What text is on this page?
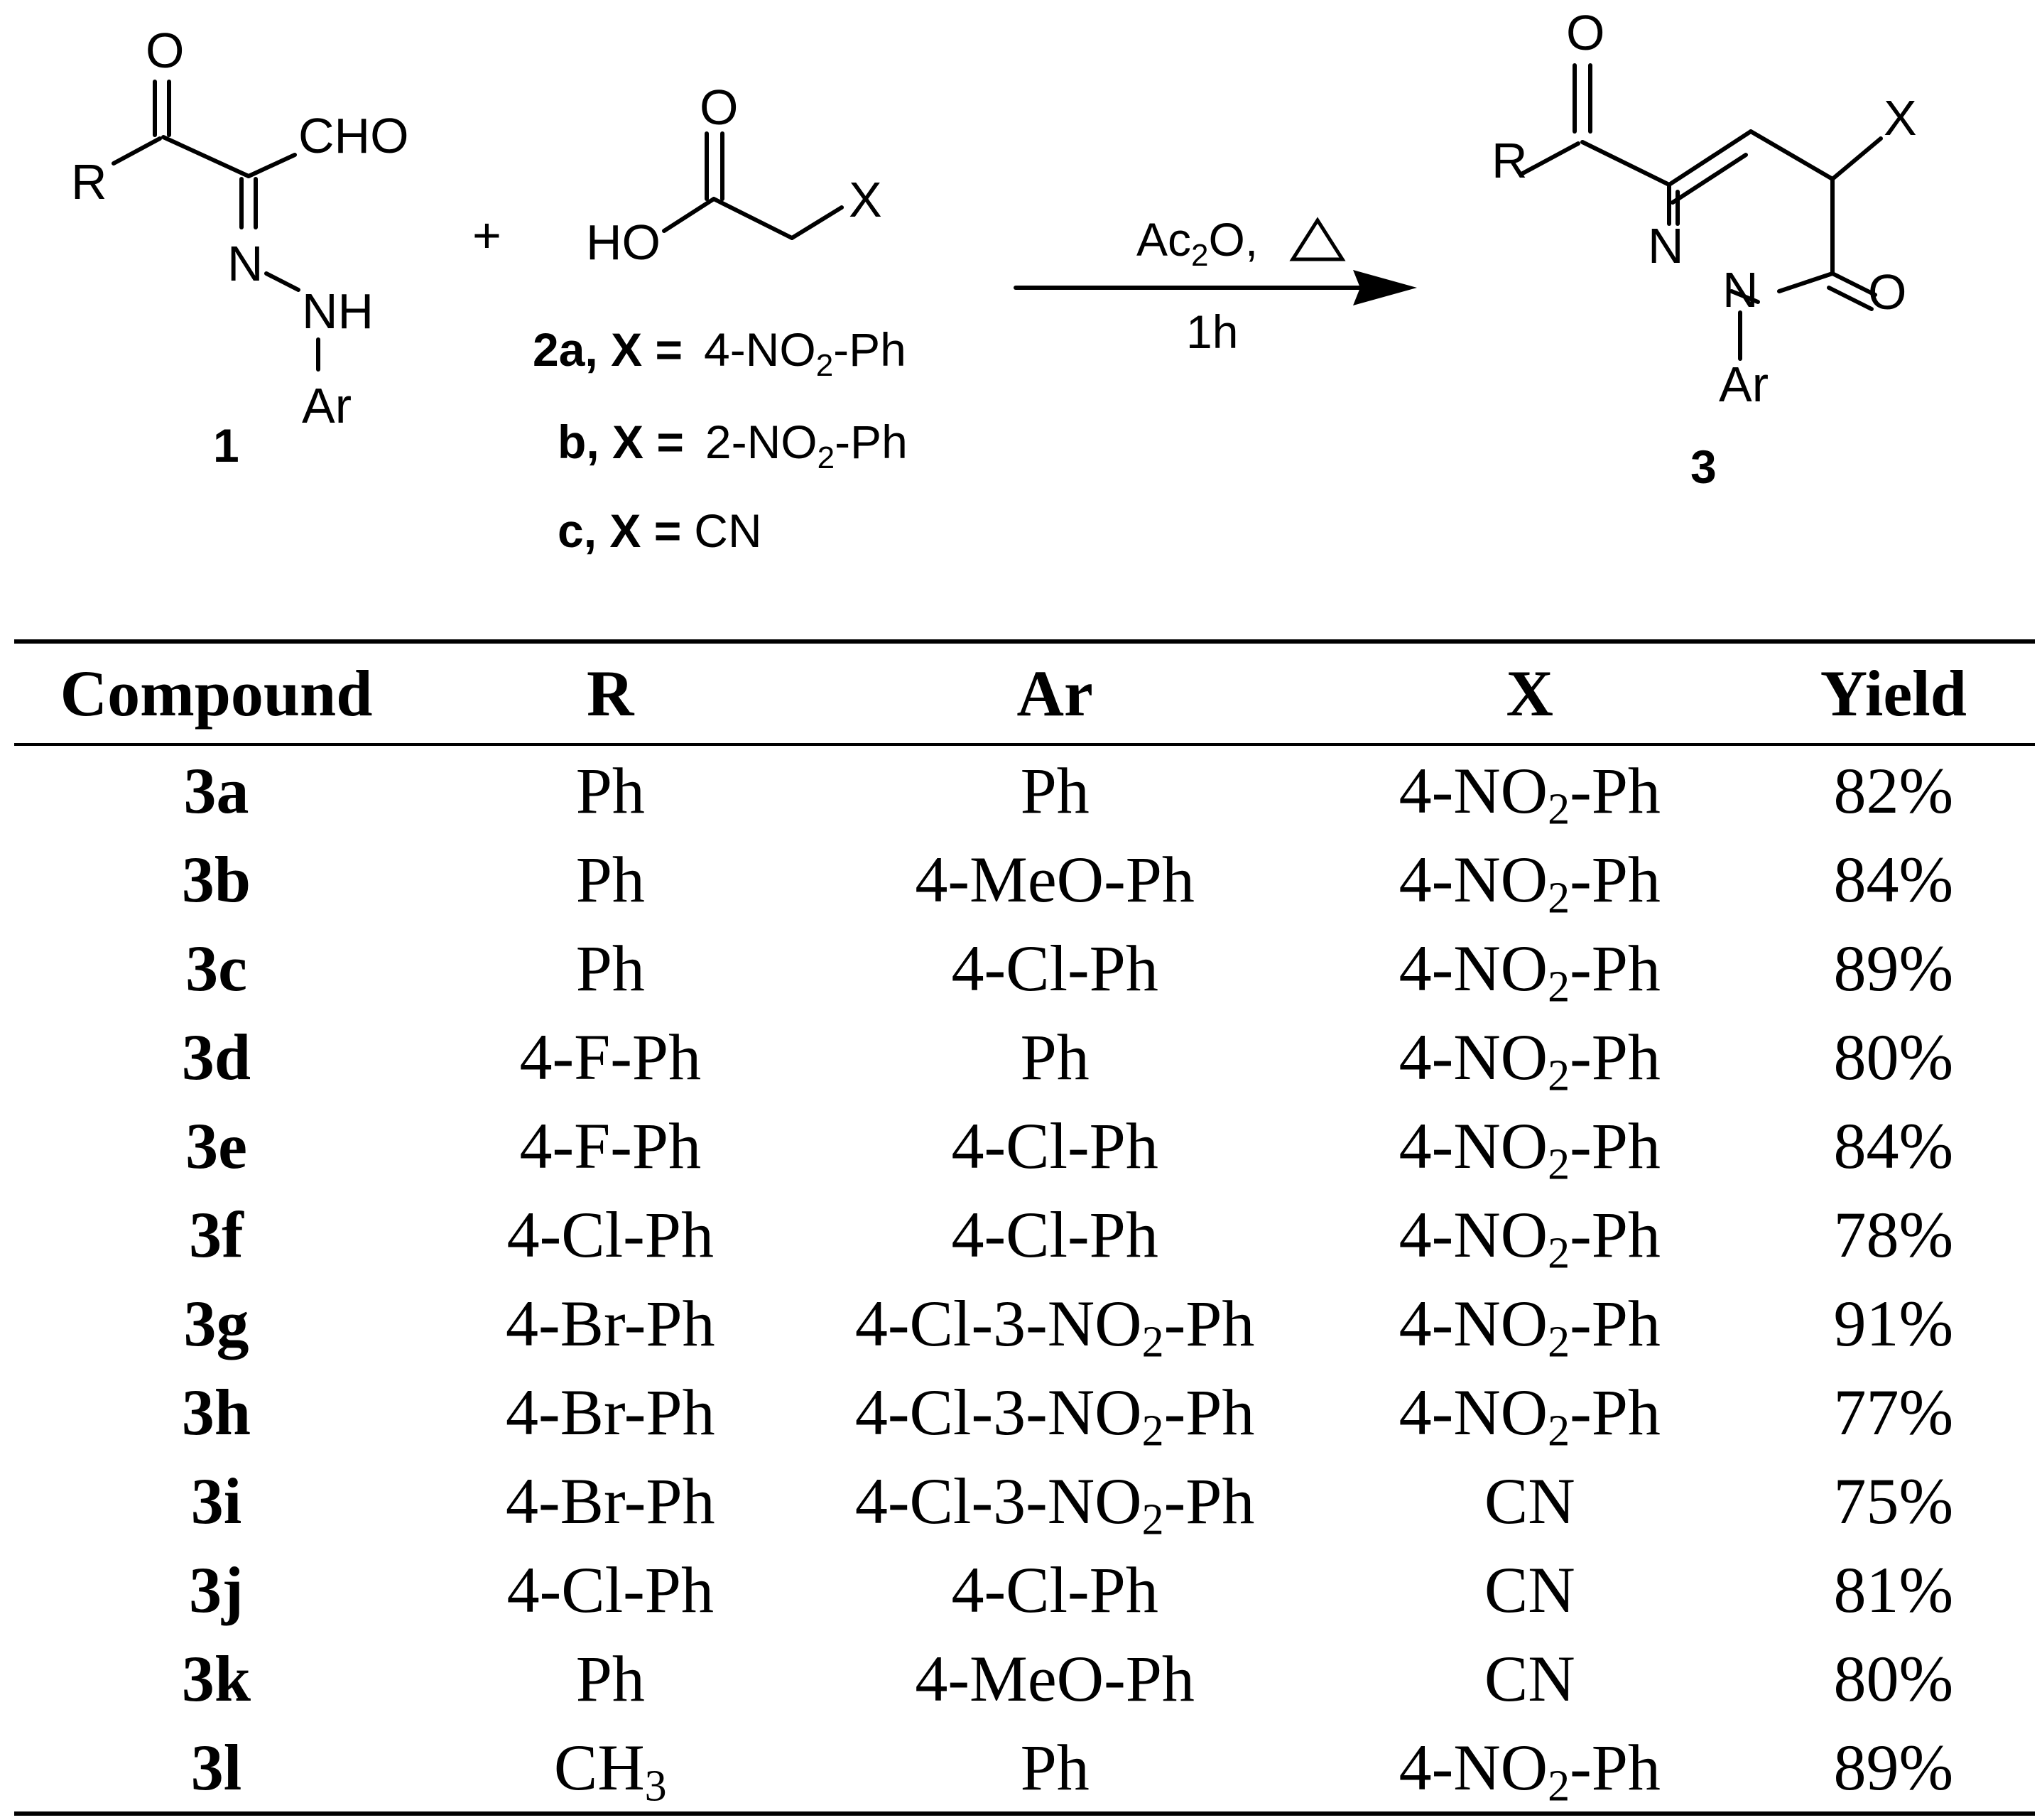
O
R
CHO
N
NH
Ar
1
+
O
HO
X
2a, $X = 4-NO_2-Ph$
b, $X = 2-NO_2-Ph$
c, X = CN
$Ac_2O$,
1h
O
R
X
N
N O
Ar
3
Compound	R	Ar	X	Yield
3a	Ph	Ph	$4-NO_2-Ph$	82%
3b	Ph	4-MeO-Ph	$4-NO_2-Ph$	84%
3c	Ph	4-Cl-Ph	$4-NO_2-Ph$	89%
3d	4-F-Ph	Ph	$4-NO_2-Ph$	80%
3e	4-F-Ph	4-Cl-Ph	$4-NO_2-Ph$	84%
3f	4-Cl-Ph	4-Cl-Ph	$4-NO_2-Ph$	78%
3g	4-Br-Ph	$4-Cl-3-NO_2-Ph$	$4-NO_2-Ph$	91%
3h	4-Br-Ph	$4-Cl-3-NO_2-Ph$	$4-NO_2-Ph$	77%
3i	4-Br-Ph	$4-Cl-3-NO_2-Ph$	CN	75%
3j	4-Cl-Ph	4-Cl-Ph	CN	81%
3k	Ph	4-MeO-Ph	CN	80%
3l	$CH_3$	Ph	$4-NO_2-Ph$	89%
